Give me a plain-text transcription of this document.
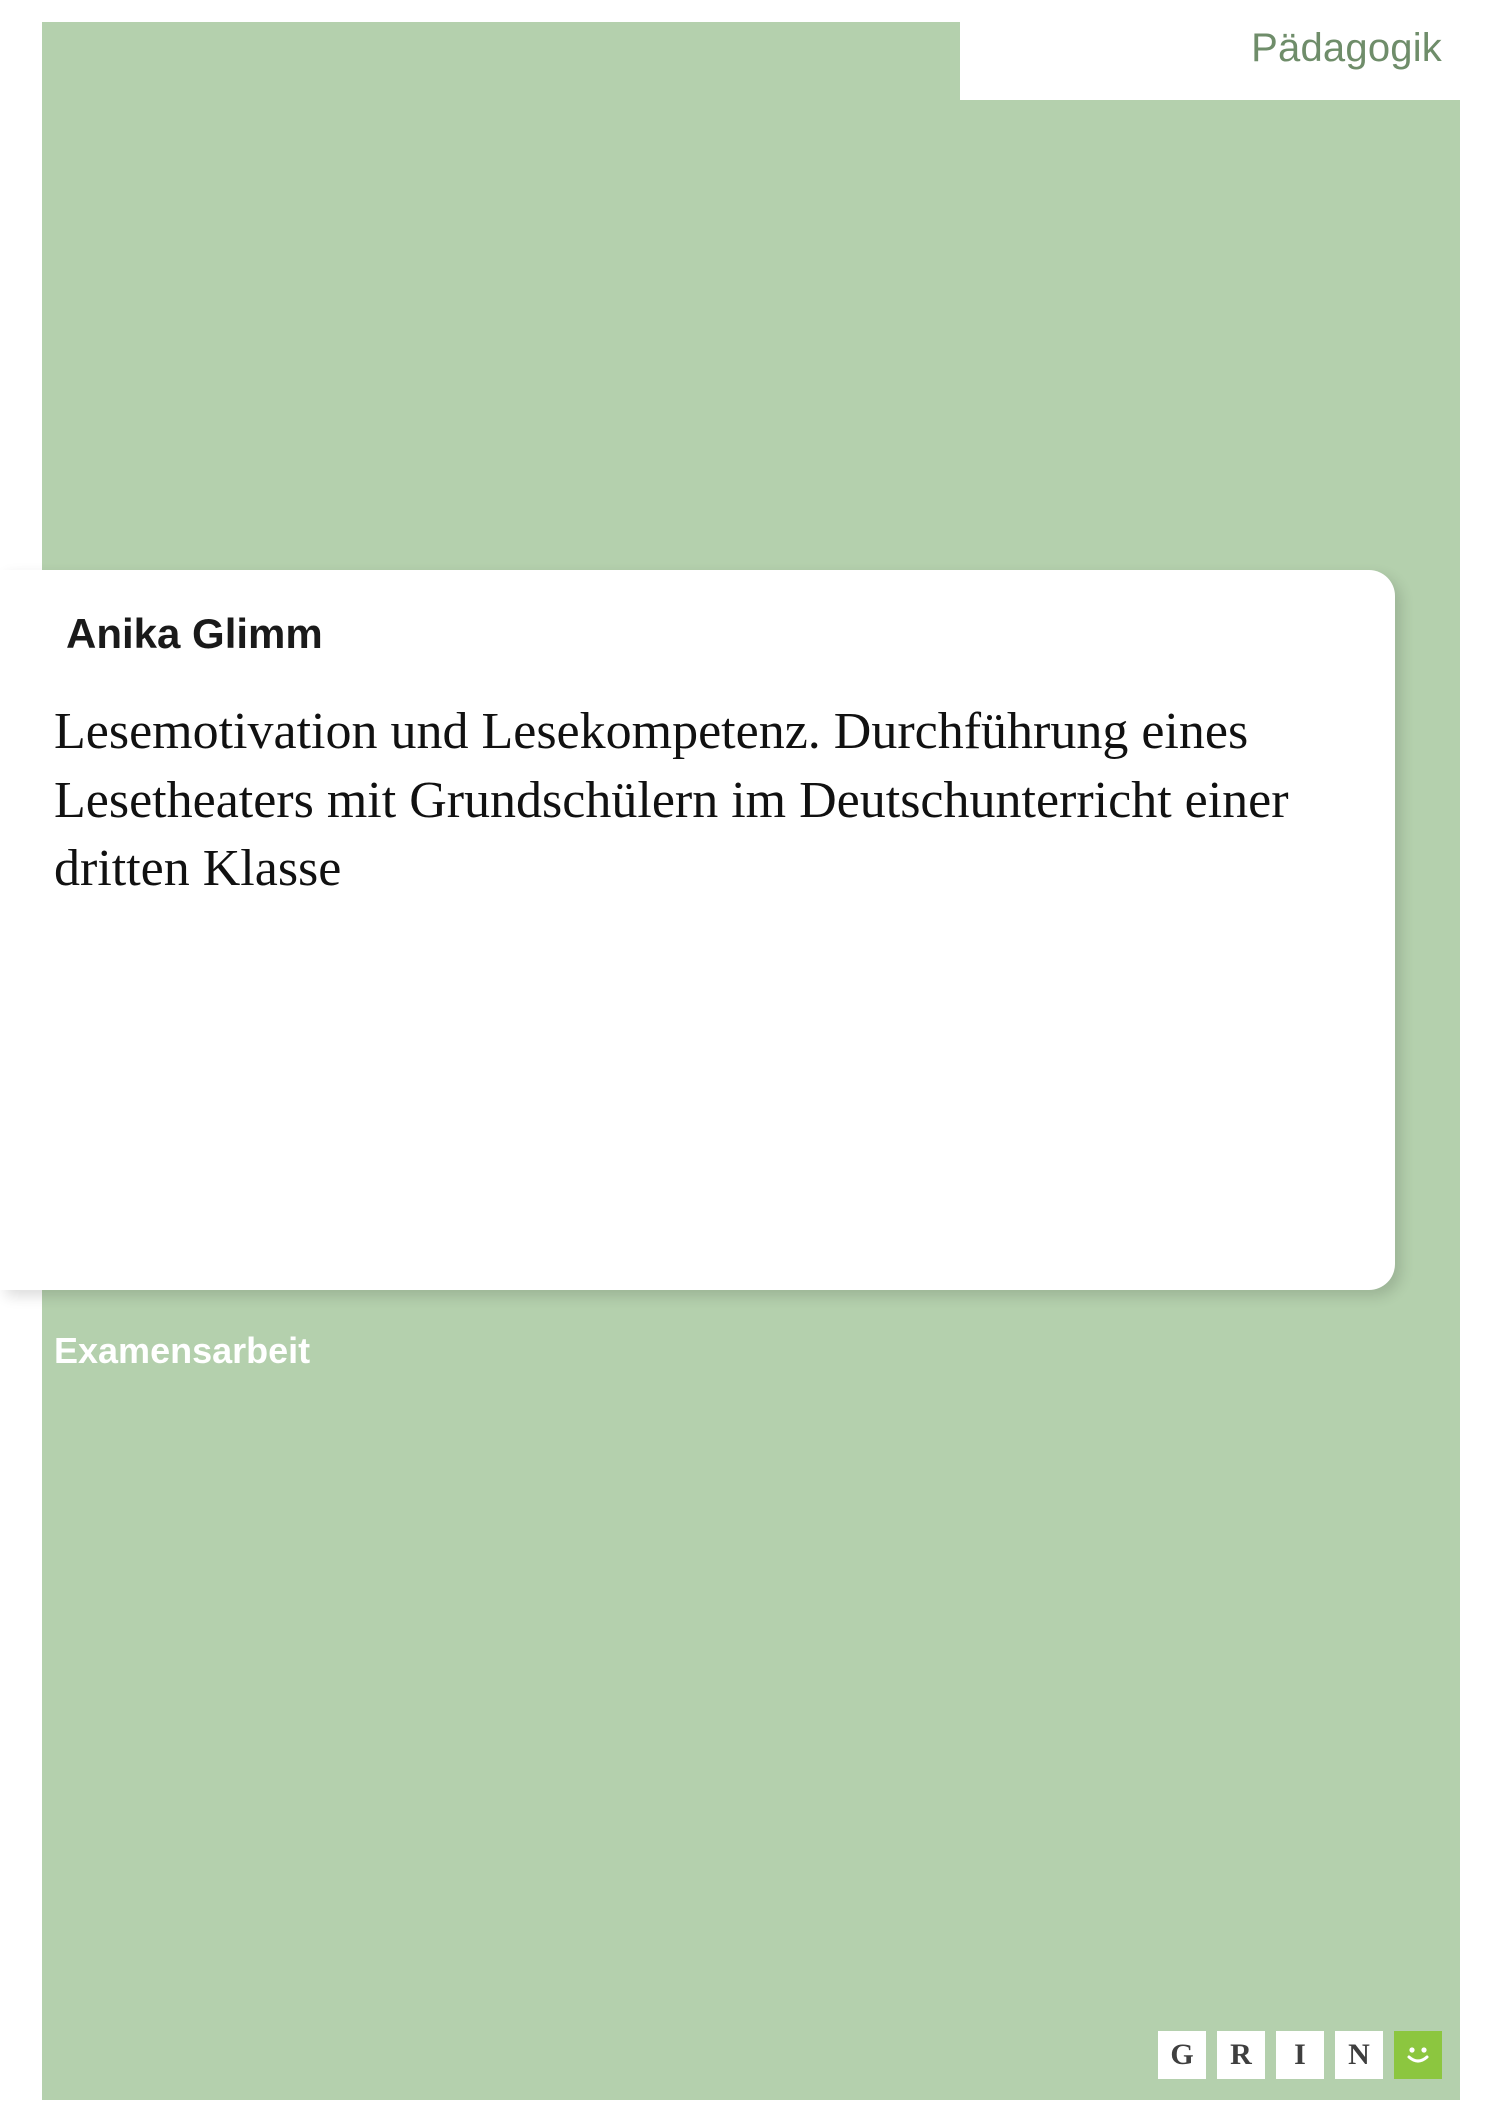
Pädagogik
Anika Glimm
Lesemotivation und Lesekompetenz. Durchführung eines Lesetheaters mit Grundschülern im Deutschunterricht einer dritten Klasse
Examensarbeit
G	R	I	N
